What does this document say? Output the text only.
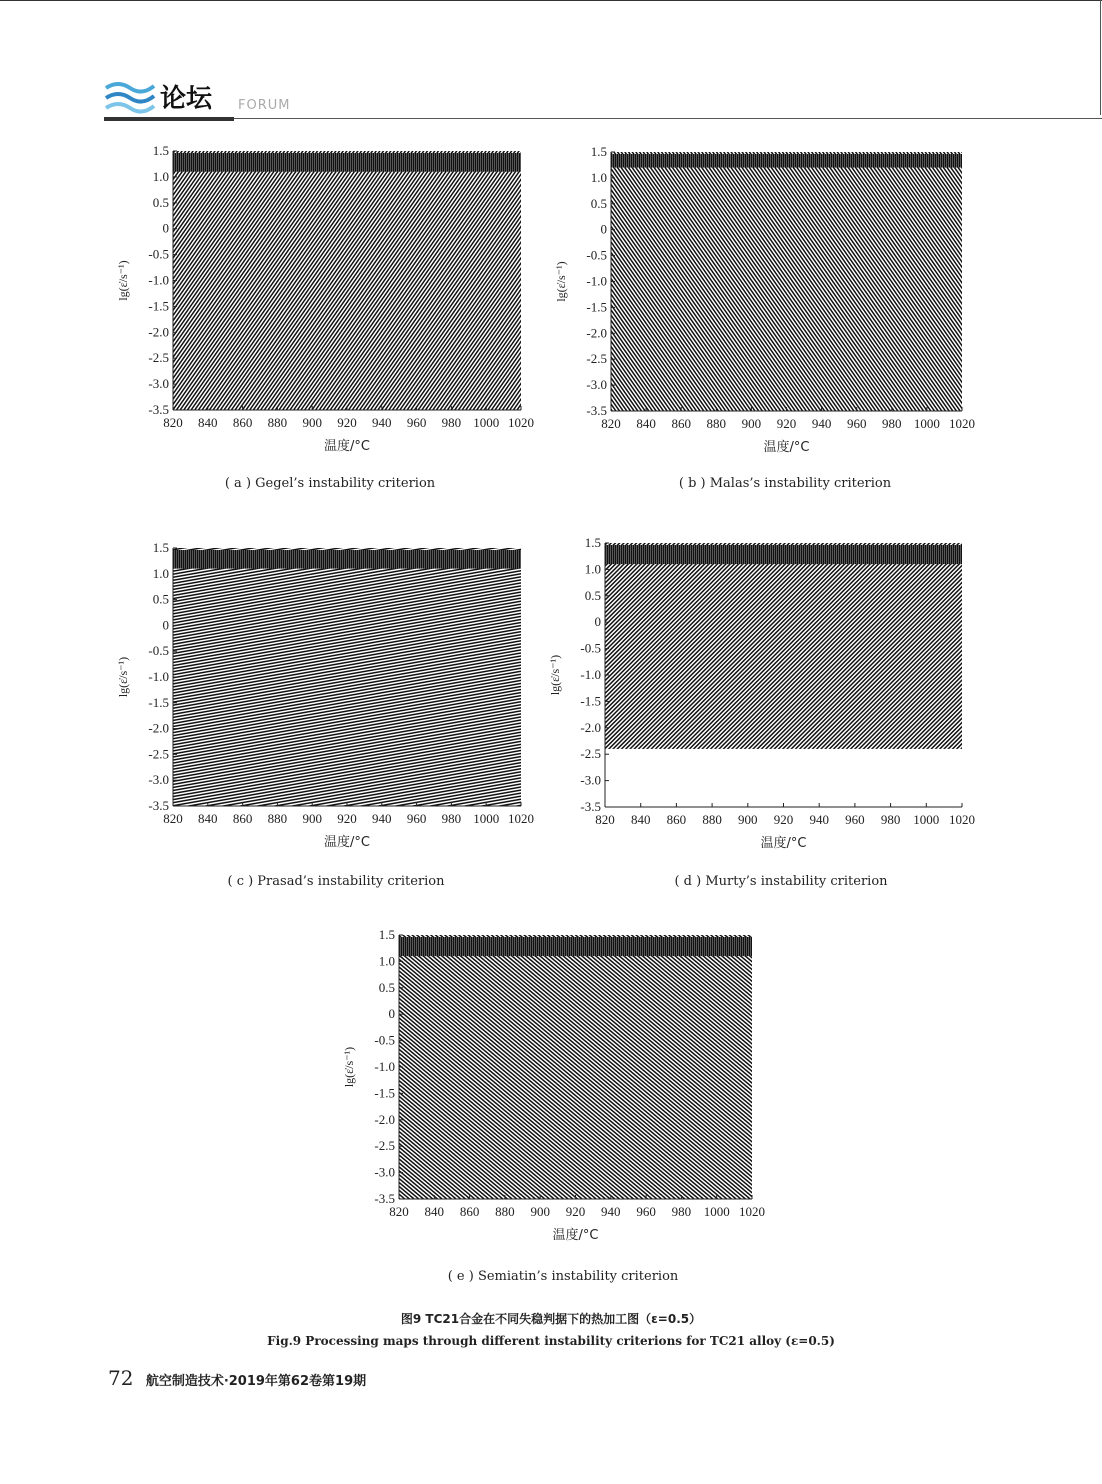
论坛 FORUM
820 840 860 880 900 920 940 960 980 1000 1020
1.5
1.0
0.5
0
-0.5
-1.0
-1.5
-2.0
-2.5
-3.0
-3.5
温度/°C
lg(ε̇/s⁻¹)
820 840 860 880 900 920 940 960 980 1000 1020
1.5
1.0
0.5
0
-0.5
-1.0
-1.5
-2.0
-2.5
-3.0
-3.5
温度/°C
lg(ε̇/s⁻¹)
820 840 860 880 900 920 940 960 980 1000 1020
1.5
1.0
0.5
0
-0.5
-1.0
-1.5
-2.0
-2.5
-3.0
-3.5
温度/°C
lg(ε̇/s⁻¹)
820 840 860 880 900 920 940 960 980 1000 1020
1.5
1.0
0.5
0
-0.5
-1.0
-1.5
-2.0
-2.5
-3.0
-3.5
温度/°C
lg(ε̇/s⁻¹)
820 840 860 880 900 920 940 960 980 1000 1020
1.5
1.0
0.5
0
-0.5
-1.0
-1.5
-2.0
-2.5
-3.0
-3.5
温度/°C
lg(ε̇/s⁻¹)
( a ) Gegel’s instability criterion	( b ) Malas’s instability criterion
( c ) Prasad’s instability criterion	( d ) Murty’s instability criterion
( e ) Semiatin’s instability criterion
图9 TC21合金在不同失稳判据下的热加工图（ε=0.5）
Fig.9 Processing maps through different instability criterions for TC21 alloy (ε=0.5)
72 航空制造技术·2019年第62卷第19期
